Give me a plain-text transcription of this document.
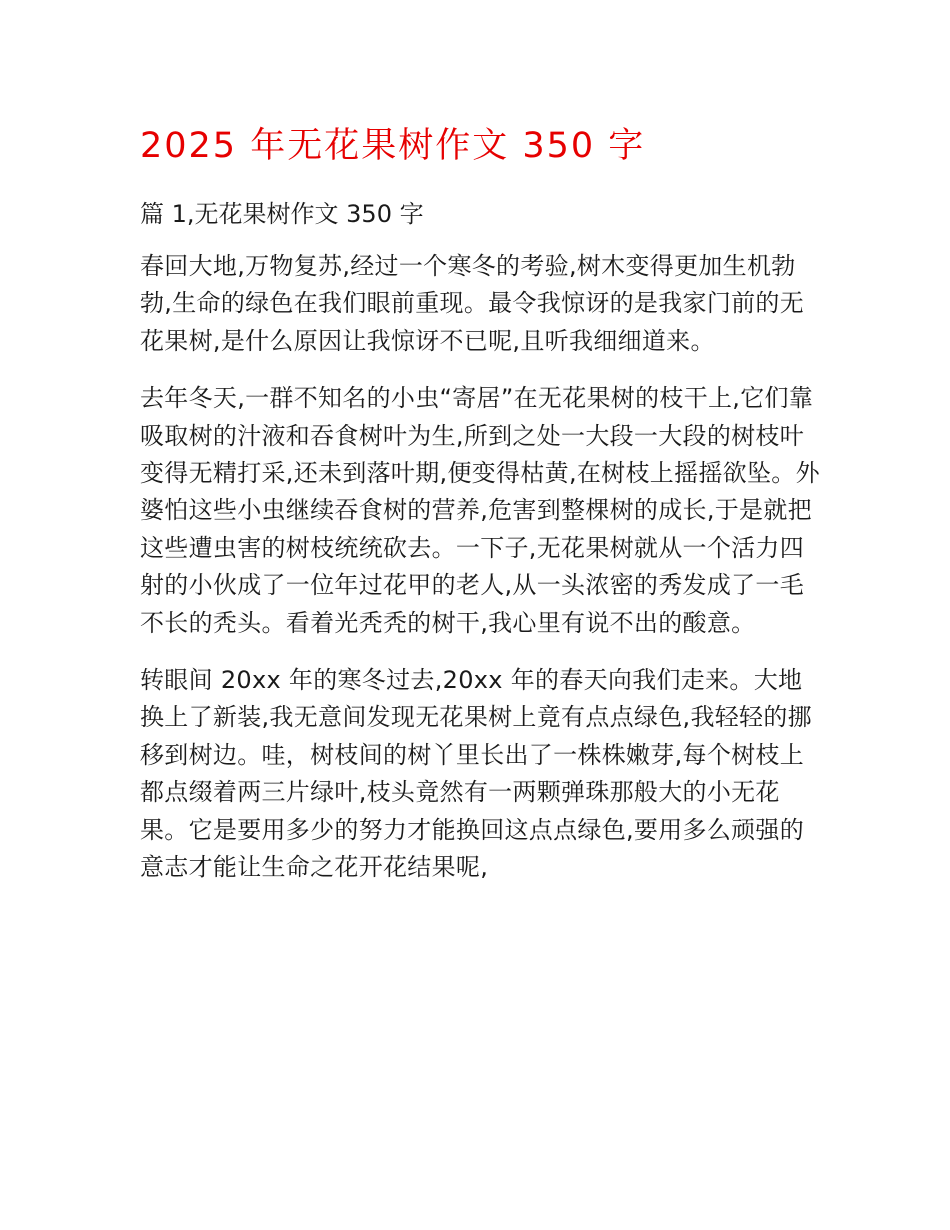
2025 年无花果树作文 350 字
篇 1,无花果树作文 350 字

春回大地,万物复苏,经过一个寒冬的考验,树木变得更加生机勃勃,生命的绿色在我们眼前重现。最令我惊讶的是我家门前的无花果树,是什么原因让我惊讶不已呢,且听我细细道来。

去年冬天,一群不知名的小虫“寄居”在无花果树的枝干上,它们靠吸取树的汁液和吞食树叶为生,所到之处一大段一大段的树枝叶变得无精打采,还未到落叶期,便变得枯黄,在树枝上摇摇欲坠。外婆怕这些小虫继续吞食树的营养,危害到整棵树的成长,于是就把这些遭虫害的树枝统统砍去。一下子,无花果树就从一个活力四射的小伙成了一位年过花甲的老人,从一头浓密的秀发成了一毛不长的秃头。看着光秃秃的树干,我心里有说不出的酸意。

转眼间 20xx 年的寒冬过去,20xx 年的春天向我们走来。大地换上了新装,我无意间发现无花果树上竟有点点绿色,我轻轻的挪移到树边。哇，树枝间的树丫里长出了一株株嫩芽,每个树枝上都点缀着两三片绿叶,枝头竟然有一两颗弹珠那般大的小无花果。它是要用多少的努力才能换回这点点绿色,要用多么顽强的意志才能让生命之花开花结果呢,
